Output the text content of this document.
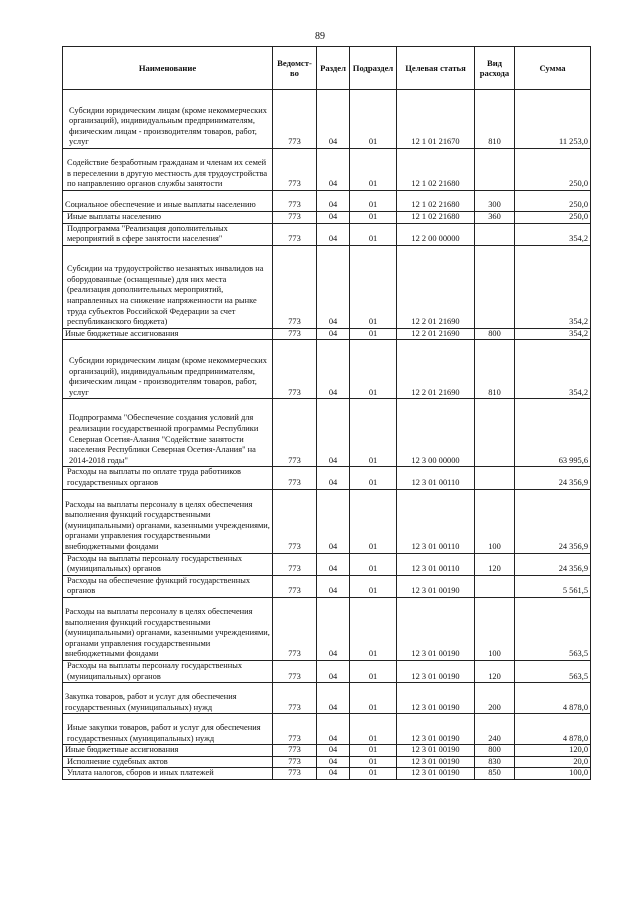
89
Наименование	Ведомст-во	Раздел	Подраздел	Целевая статья	Вид расхода	Сумма
Субсидии юридическим лицам (кроме некоммерческих организаций), индивидуальным предпринимателям, физическим лицам - производителям товаров, работ, услуг	773	04	01	12 1 01 21670	810	11 253,0
Содействие безработным гражданам и членам их семей в переселении в другую местность для трудоустройства по направлению органов службы занятости	773	04	01	12 1 02 21680		250,0
Социальное обеспечение и иные выплаты населению	773	04	01	12 1 02 21680	300	250,0
Иные выплаты населению	773	04	01	12 1 02 21680	360	250,0
Подпрограмма "Реализация дополнительных мероприятий в сфере занятости населения"	773	04	01	12 2 00 00000		354,2
Субсидии на трудоустройство незанятых инвалидов на оборудованные (оснащенные) для них места (реализация дополнительных мероприятий, направленных на снижение напряженности на рынке труда субъектов Российской Федерации за счет республиканского бюджета)	773	04	01	12 2 01 21690		354,2
Иные бюджетные ассигнования	773	04	01	12 2 01 21690	800	354,2
Субсидии юридическим лицам (кроме некоммерческих организаций), индивидуальным предпринимателям, физическим лицам - производителям товаров, работ, услуг	773	04	01	12 2 01 21690	810	354,2
Подпрограмма "Обеспечение создания условий для реализации государственной программы Республики Северная Осетия-Алания "Содействие занятости населения Республики Северная Осетия-Алания" на 2014-2018 годы"	773	04	01	12 3 00 00000		63 995,6
Расходы на выплаты по оплате труда работников государственных органов	773	04	01	12 3 01 00110		24 356,9
Расходы на выплаты персоналу в целях обеспечения выполнения функций государственными (муниципальными) органами, казенными учреждениями, органами управления государственными внебюджетными фондами	773	04	01	12 3 01 00110	100	24 356,9
Расходы на выплаты персоналу государственных (муниципальных) органов	773	04	01	12 3 01 00110	120	24 356,9
Расходы на обеспечение функций государственных органов	773	04	01	12 3 01 00190		5 561,5
Расходы на выплаты персоналу в целях обеспечения выполнения функций государственными (муниципальными) органами, казенными учреждениями, органами управления государственными внебюджетными фондами	773	04	01	12 3 01 00190	100	563,5
Расходы на выплаты персоналу государственных (муниципальных) органов	773	04	01	12 3 01 00190	120	563,5
Закупка товаров, работ и услуг для обеспечения государственных (муниципальных) нужд	773	04	01	12 3 01 00190	200	4 878,0
Иные закупки товаров, работ и услуг для обеспечения государственных (муниципальных) нужд	773	04	01	12 3 01 00190	240	4 878,0
Иные бюджетные ассигнования	773	04	01	12 3 01 00190	800	120,0
Исполнение судебных актов	773	04	01	12 3 01 00190	830	20,0
Уплата налогов, сборов и иных платежей	773	04	01	12 3 01 00190	850	100,0
